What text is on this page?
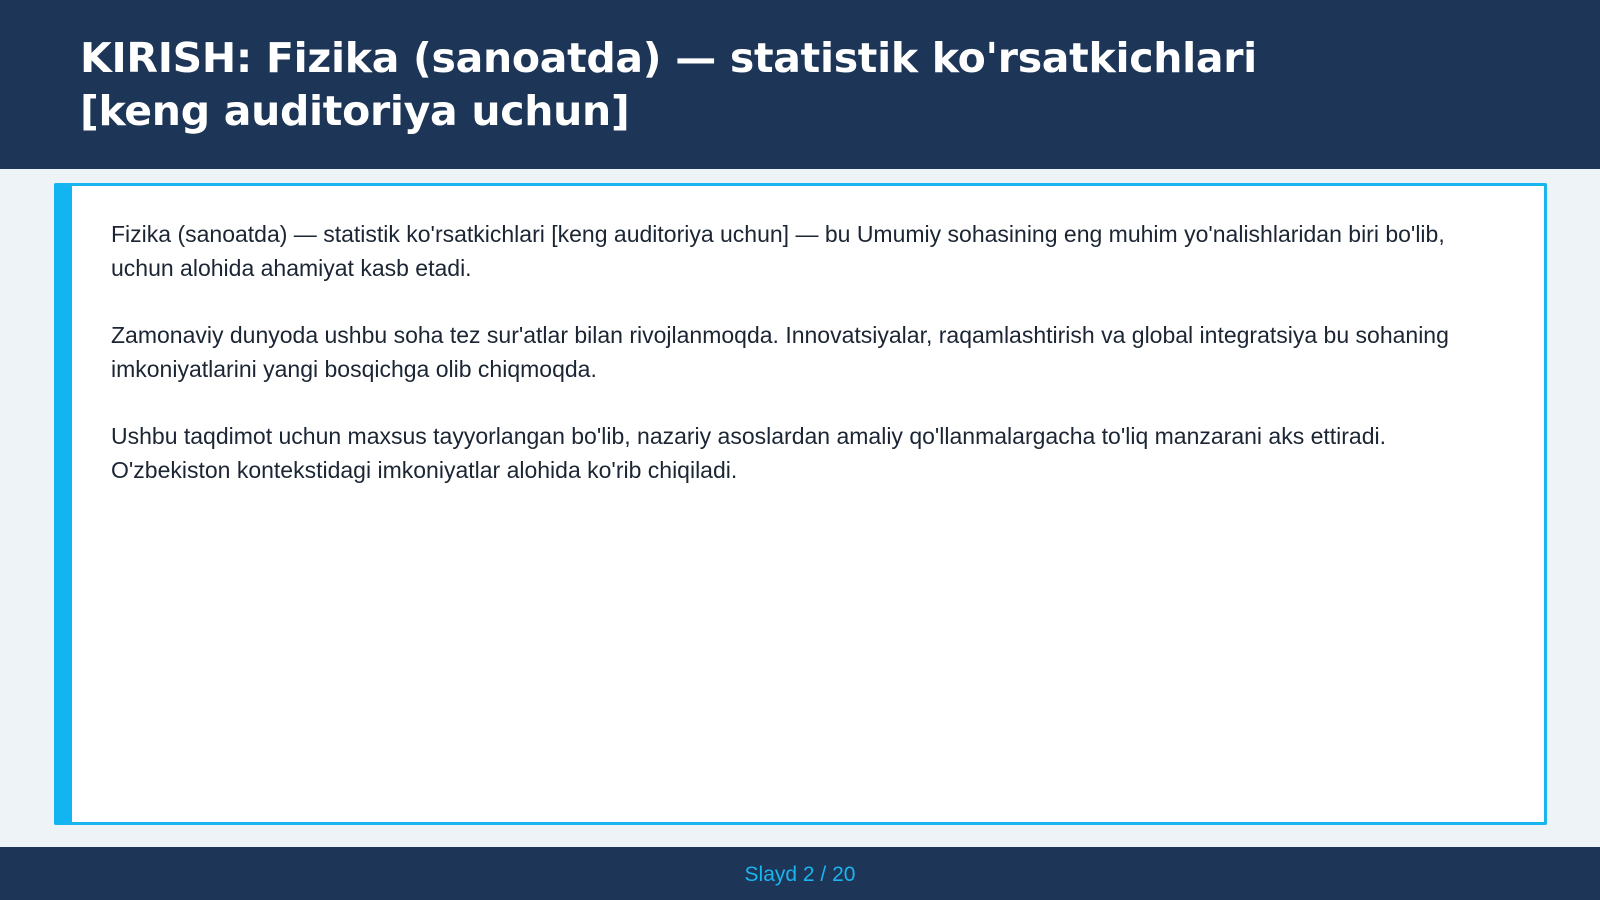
KIRISH: Fizika (sanoatda) — statistik ko'rsatkichlari [keng auditoriya uchun]

Fizika (sanoatda) — statistik ko'rsatkichlari [keng auditoriya uchun] — bu Umumiy sohasining eng muhim yo'nalishlaridan biri bo'lib, uchun alohida ahamiyat kasb etadi.

Zamonaviy dunyoda ushbu soha tez sur'atlar bilan rivojlanmoqda. Innovatsiyalar, raqamlashtirish va global integratsiya bu sohaning imkoniyatlarini yangi bosqichga olib chiqmoqda.

Ushbu taqdimot uchun maxsus tayyorlangan bo'lib, nazariy asoslardan amaliy qo'llanmalargacha to'liq manzarani aks ettiradi. O'zbekiston kontekstidagi imkoniyatlar alohida ko'rib chiqiladi.

Slayd 2 / 20
